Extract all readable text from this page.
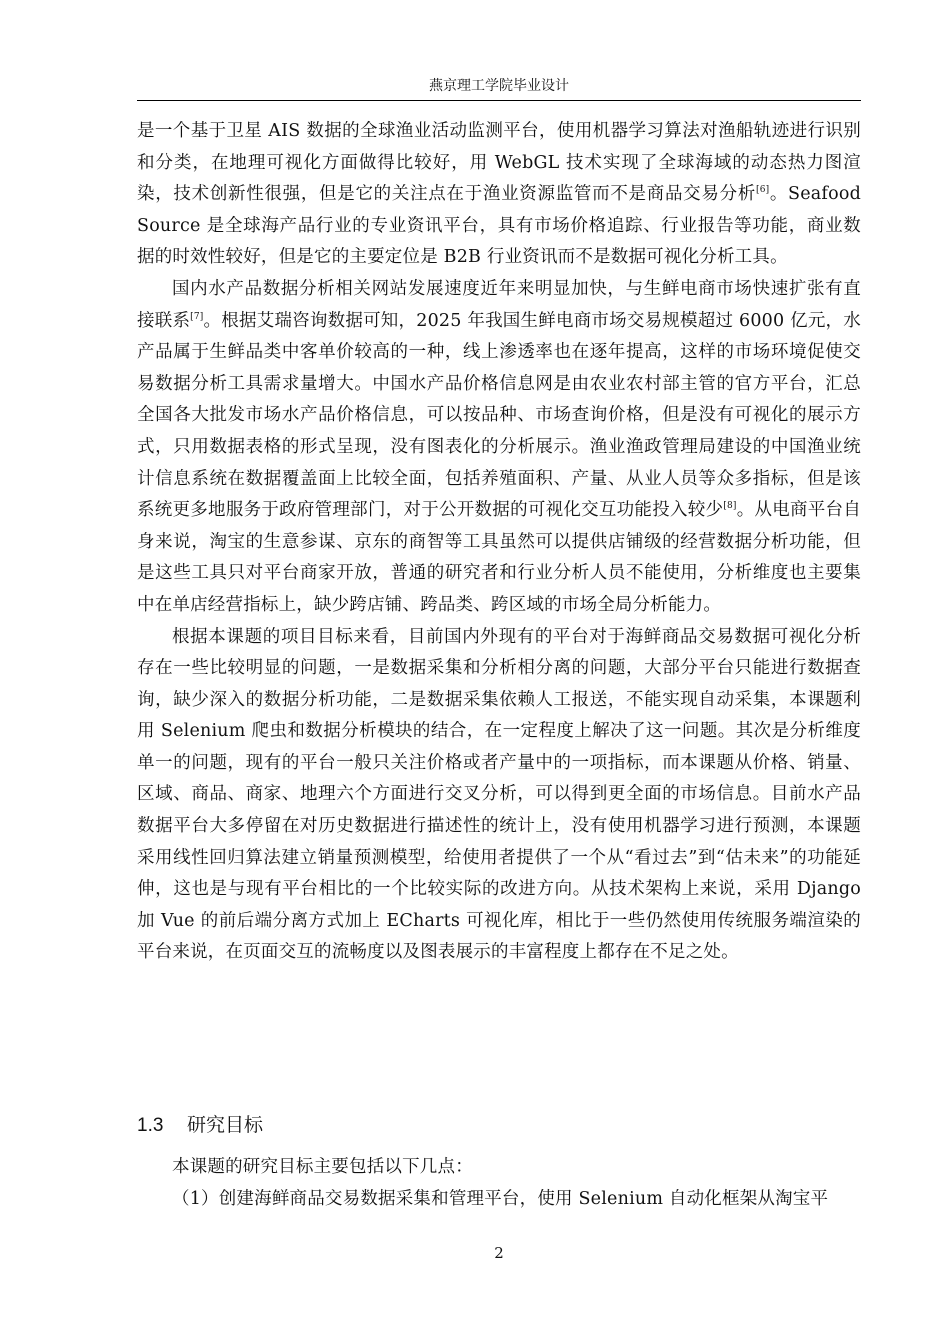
燕京理工学院毕业设计

是一个基于卫星 AIS 数据的全球渔业活动监测平台，使用机器学习算法对渔船轨迹进行识别和分类，在地理可视化方面做得比较好，用 WebGL 技术实现了全球海域的动态热力图渲染，技术创新性很强，但是它的关注点在于渔业资源监管而不是商品交易分析[6]。Seafood Source 是全球海产品行业的专业资讯平台，具有市场价格追踪、行业报告等功能，商业数据的时效性较好，但是它的主要定位是 B2B 行业资讯而不是数据可视化分析工具。

国内水产品数据分析相关网站发展速度近年来明显加快，与生鲜电商市场快速扩张有直接联系[7]。根据艾瑞咨询数据可知，2025 年我国生鲜电商市场交易规模超过 6000 亿元，水产品属于生鲜品类中客单价较高的一种，线上渗透率也在逐年提高，这样的市场环境促使交易数据分析工具需求量增大。中国水产品价格信息网是由农业农村部主管的官方平台，汇总全国各大批发市场水产品价格信息，可以按品种、市场查询价格，但是没有可视化的展示方式，只用数据表格的形式呈现，没有图表化的分析展示。渔业渔政管理局建设的中国渔业统计信息系统在数据覆盖面上比较全面，包括养殖面积、产量、从业人员等众多指标，但是该系统更多地服务于政府管理部门，对于公开数据的可视化交互功能投入较少[8]。从电商平台自身来说，淘宝的生意参谋、京东的商智等工具虽然可以提供店铺级的经营数据分析功能，但是这些工具只对平台商家开放，普通的研究者和行业分析人员不能使用，分析维度也主要集中在单店经营指标上，缺少跨店铺、跨品类、跨区域的市场全局分析能力。

根据本课题的项目目标来看，目前国内外现有的平台对于海鲜商品交易数据可视化分析存在一些比较明显的问题，一是数据采集和分析相分离的问题，大部分平台只能进行数据查询，缺少深入的数据分析功能，二是数据采集依赖人工报送，不能实现自动采集，本课题利用 Selenium 爬虫和数据分析模块的结合，在一定程度上解决了这一问题。其次是分析维度单一的问题，现有的平台一般只关注价格或者产量中的一项指标，而本课题从价格、销量、区域、商品、商家、地理六个方面进行交叉分析，可以得到更全面的市场信息。目前水产品数据平台大多停留在对历史数据进行描述性的统计上，没有使用机器学习进行预测，本课题采用线性回归算法建立销量预测模型，给使用者提供了一个从“看过去”到“估未来”的功能延伸，这也是与现有平台相比的一个比较实际的改进方向。从技术架构上来说，采用 Django 加 Vue 的前后端分离方式加上 ECharts 可视化库，相比于一些仍然使用传统服务端渲染的平台来说，在页面交互的流畅度以及图表展示的丰富程度上都存在不足之处。

1.3 研究目标

本课题的研究目标主要包括以下几点：

（1）创建海鲜商品交易数据采集和管理平台，使用 Selenium 自动化框架从淘宝平

2
